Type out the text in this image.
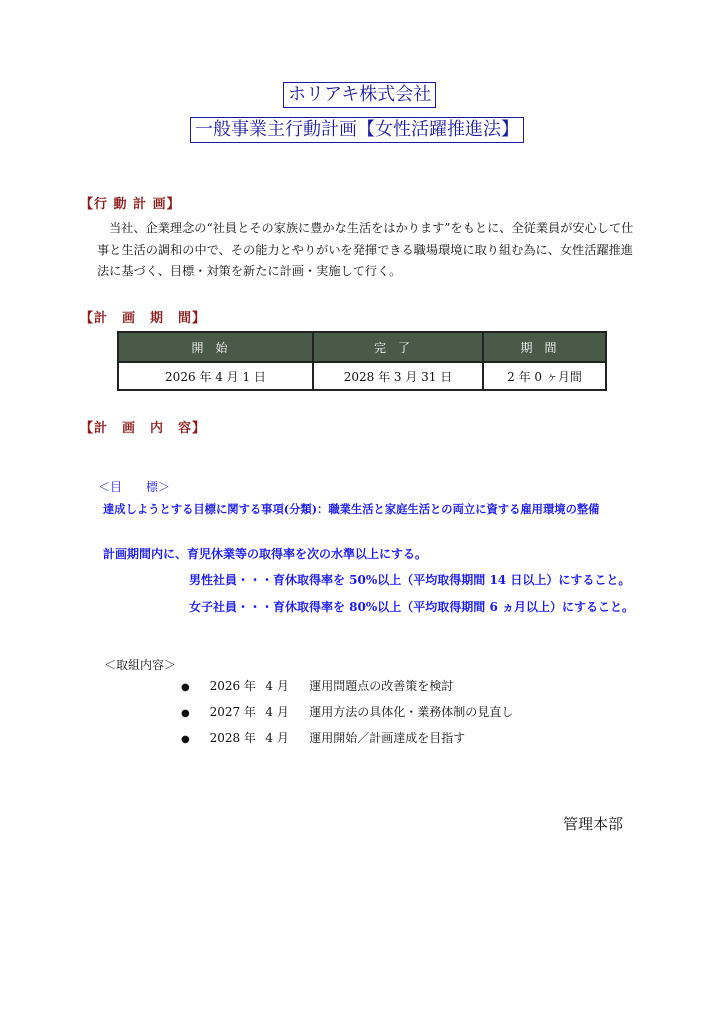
ホリアキ株式会社
一般事業主行動計画【女性活躍推進法】
【行 動 計 画】
当社、企業理念の“社員とその家族に豊かな生活をはかります”をもとに、全従業員が安心して仕事と生活の調和の中で、その能力とやりがいを発揮できる職場環境に取り組む為に、女性活躍推進法に基づく、目標・対策を新たに計画・実施して行く。
【計　画　期　間】
開始	完了	期間
2026 年 4 月 1 日	2028 年 3 月 31 日	2 年 0 ヶ月間
【計　画　内　容】
＜目　　標＞
達成しようとする目標に関する事項(分類)：職業生活と家庭生活との両立に資する雇用環境の整備
計画期間内に、育児休業等の取得率を次の水準以上にする。
男性社員・・・育休取得率を 50%以上（平均取得期間 14 日以上）にすること。
女子社員・・・育休取得率を 80%以上（平均取得期間 6 ヵ月以上）にすること。
＜取組内容＞
● 2026 年 4 月 運用問題点の改善策を検討
● 2027 年 4 月 運用方法の具体化・業務体制の見直し
● 2028 年 4 月 運用開始／計画達成を目指す
管理本部
